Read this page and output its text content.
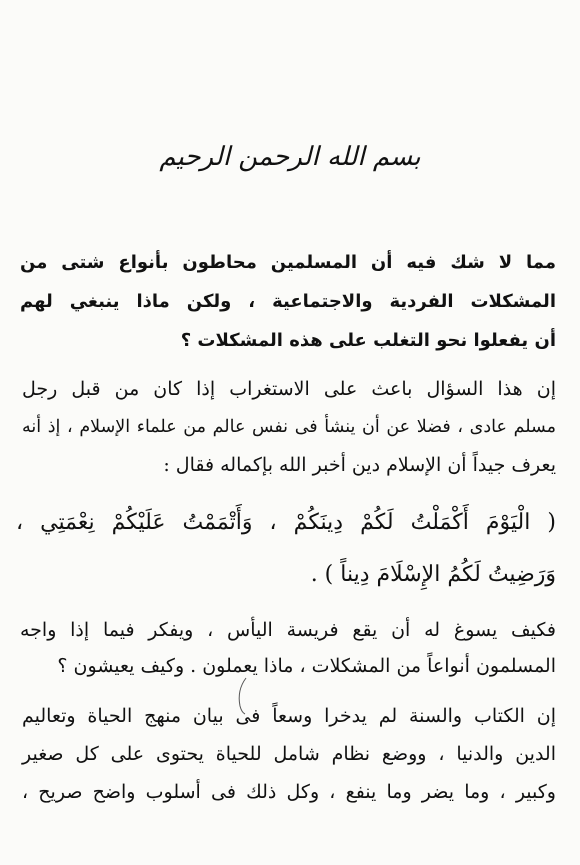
بسم الله الرحمن الرحيم
مما لا شك فيه أن المسلمين محاطون بأنواع شتى من
المشكلات الفردية والاجتماعية ، ولكن ماذا ينبغي لهم
أن يفعلوا نحو التغلب على هذه المشكلات ؟
إن هذا السؤال باعث على الاستغراب إذا كان من قبل رجل
مسلم عادى ، فضلا عن أن ينشأ فى نفس عالم من علماء الإسلام ، إذ أنه
يعرف جيداً أن الإسلام دين أخبر الله بإكماله فقال :
( الْيَوْمَ أَكْمَلْتُ لَكُمْ دِينَكُمْ ، وَأَتْمَمْتُ عَلَيْكُمْ نِعْمَتِي ،
وَرَضِيتُ لَكُمُ الإِسْلَامَ دِيناً ) .
فكيف يسوغ له أن يقع فريسة اليأس ، ويفكر فيما إذا واجه
المسلمون أنواعاً من المشكلات ، ماذا يعملون . وكيف يعيشون ؟
إن الكتاب والسنة لم يدخرا وسعاً فى بيان منهج الحياة وتعاليم
الدين والدنيا ، ووضع نظام شامل للحياة يحتوى على كل صغير
وكبير ، وما يضر وما ينفع ، وكل ذلك فى أسلوب واضح صريح ،
